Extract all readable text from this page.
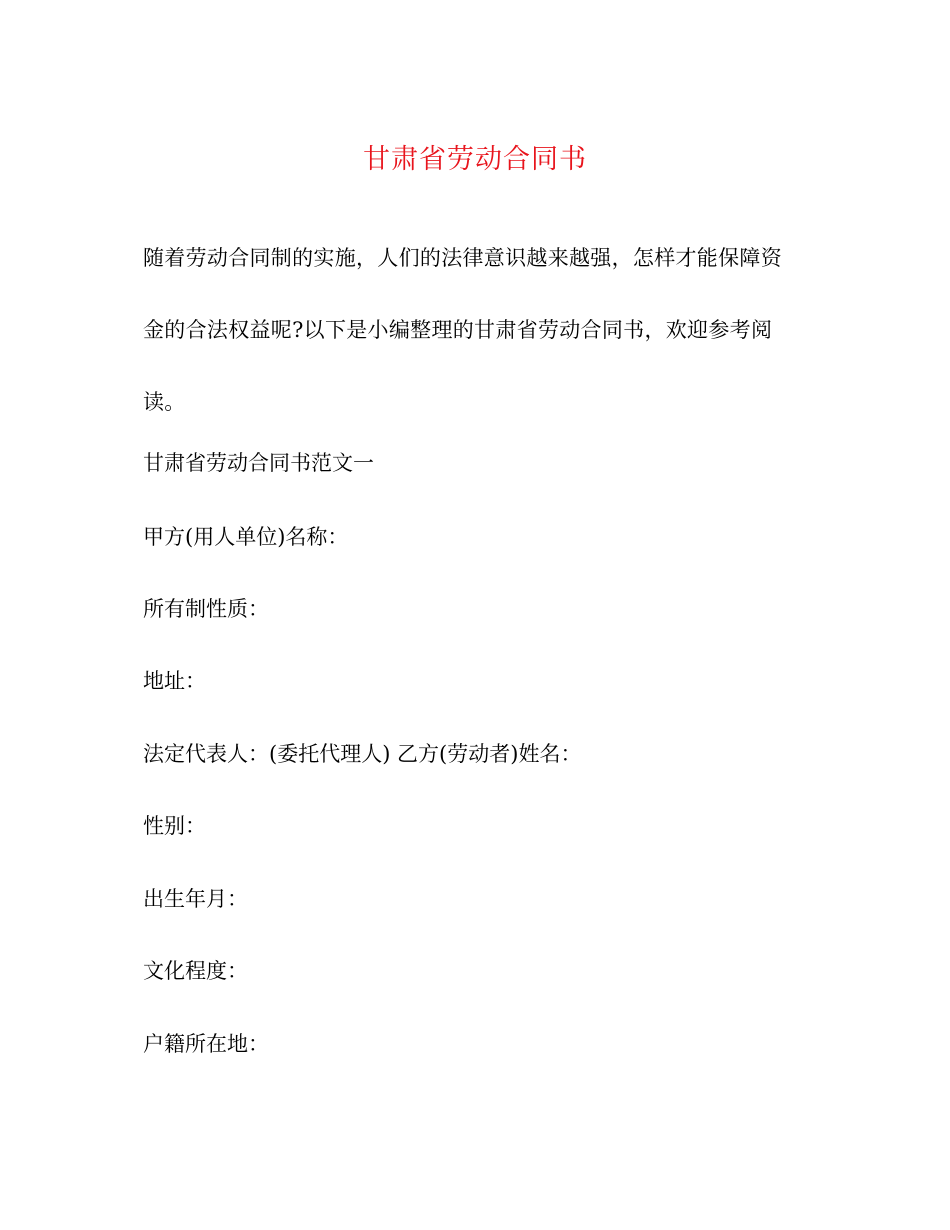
甘肃省劳动合同书

随着劳动合同制的实施，人们的法律意识越来越强，怎样才能保障资金的合法权益呢?以下是小编整理的甘肃省劳动合同书，欢迎参考阅读。

甘肃省劳动合同书范文一

甲方(用人单位)名称：

所有制性质：

地址：

法定代表人：(委托代理人) 乙方(劳动者)姓名：

性别：

出生年月：

文化程度：

户籍所在地：
